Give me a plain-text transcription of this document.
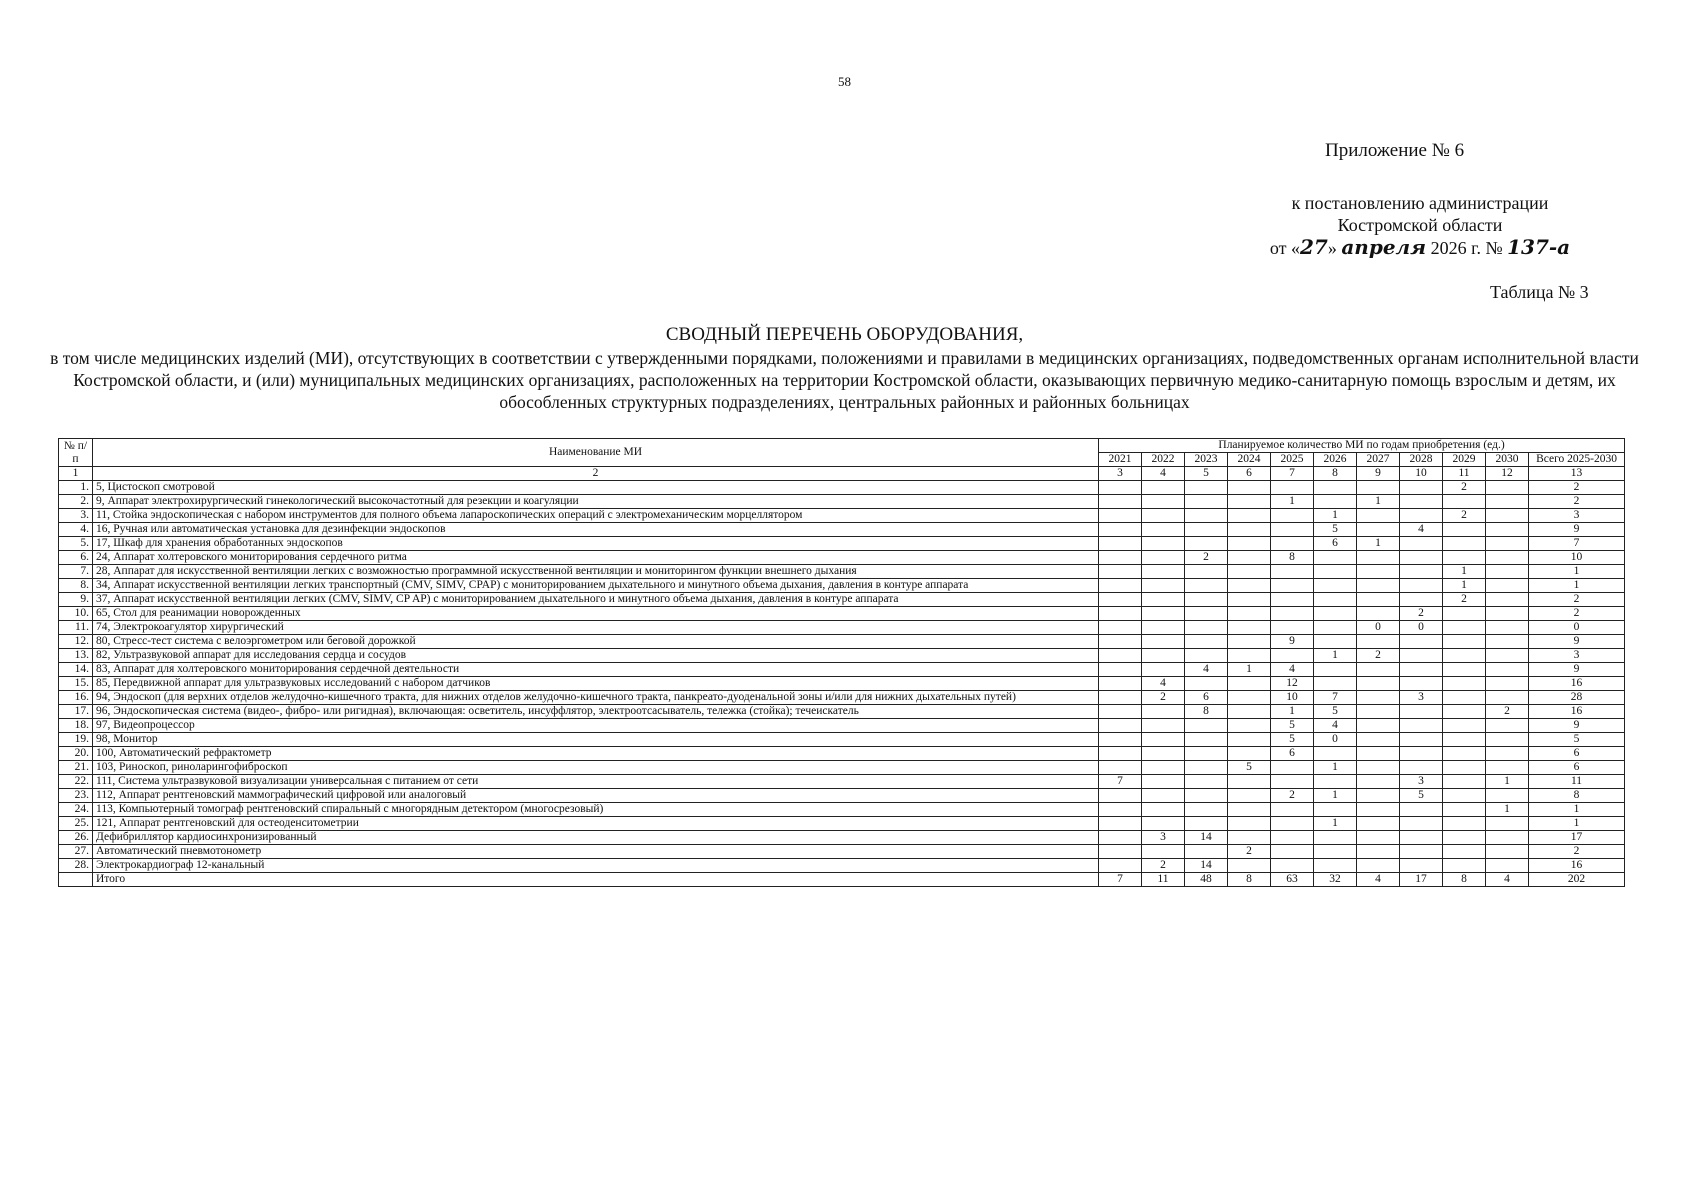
58
Приложение № 6
к постановлению администрации
Костромской области
от «27» апреля 2026 г. № 137-а
Таблица № 3
СВОДНЫЙ ПЕРЕЧЕНЬ ОБОРУДОВАНИЯ,
в том числе медицинских изделий (МИ), отсутствующих в соответствии с утвержденными порядками, положениями и правилами в медицинских организациях, подведомственных органам исполнительной власти Костромской области, и (или) муниципальных медицинских организациях, расположенных на территории Костромской области, оказывающих первичную медико-санитарную помощь взрослым и детям, их обособленных структурных подразделениях, центральных районных и районных больницах
№ п/п	Наименование МИ	Планируемое количество МИ по годам приобретения (ед.)										
		2021	2022	2023	2024	2025	2026	2027	2028	2029	2030	Всего 2025-2030
1	2	3	4	5	6	7	8	9	10	11	12	13
1.	5, Цистоскоп смотровой									2		2
2.	9, Аппарат электрохирургический гинекологический высокочастотный для резекции и коагуляции					1		1				2
3.	11, Стойка эндоскопическая с набором инструментов для полного объема лапароскопических операций с электромеханическим морцеллятором						1			2		3
4.	16, Ручная или автоматическая установка для дезинфекции эндоскопов						5		4			9
5.	17, Шкаф для хранения обработанных эндоскопов						6	1				7
6.	24, Аппарат холтеровского мониторирования сердечного ритма			2		8						10
7.	28, Аппарат для искусственной вентиляции легких с возможностью программной искусственной вентиляции и мониторингом функции внешнего дыхания									1		1
8.	34, Аппарат искусственной вентиляции легких транспортный (CMV, SIMV, CPAP) с мониторированием дыхательного и минутного объема дыхания, давления в контуре аппарата									1		1
9.	37, Аппарат искусственной вентиляции легких (CMV, SIMV, CP AP) с мониторированием дыхательного и минутного объема дыхания, давления в контуре аппарата									2		2
10.	65, Стол для реанимации новорожденных								2			2
11.	74, Электрокоагулятор хирургический							0	0			0
12.	80, Стресс-тест система с велоэргометром или беговой дорожкой					9						9
13.	82, Ультразвуковой аппарат для исследования сердца и сосудов						1	2				3
14.	83, Аппарат для холтеровского мониторирования сердечной деятельности			4	1	4						9
15.	85, Передвижной аппарат для ультразвуковых исследований с набором датчиков		4			12						16
16.	94, Эндоскоп (для верхних отделов желудочно-кишечного тракта, для нижних отделов желудочно-кишечного тракта, панкреато-дуоденальной зоны и/или для нижних дыхательных путей)		2	6		10	7		3			28
17.	96, Эндоскопическая система (видео-, фибро- или ригидная), включающая: осветитель, инсуффлятор, электроотсасыватель, тележка (стойка); течеискатель			8		1	5				2	16
18.	97, Видеопроцессор					5	4					9
19.	98, Монитор					5	0					5
20.	100, Автоматический рефрактометр					6						6
21.	103, Риноскоп, риноларингофиброскоп				5		1					6
22.	111, Система ультразвуковой визуализации универсальная с питанием от сети	7							3		1	11
23.	112, Аппарат рентгеновский маммографический цифровой или аналоговый					2	1		5			8
24.	113, Компьютерный томограф рентгеновский спиральный с многорядным детектором (многосрезовый)										1	1
25.	121, Аппарат рентгеновский для остеоденситометрии						1					1
26.	Дефибриллятор кардиосинхронизированный		3	14								17
27.	Автоматический пневмотонометр				2							2
28.	Электрокардиограф 12-канальный		2	14								16
	Итого	7	11	48	8	63	32	4	17	8	4	202
